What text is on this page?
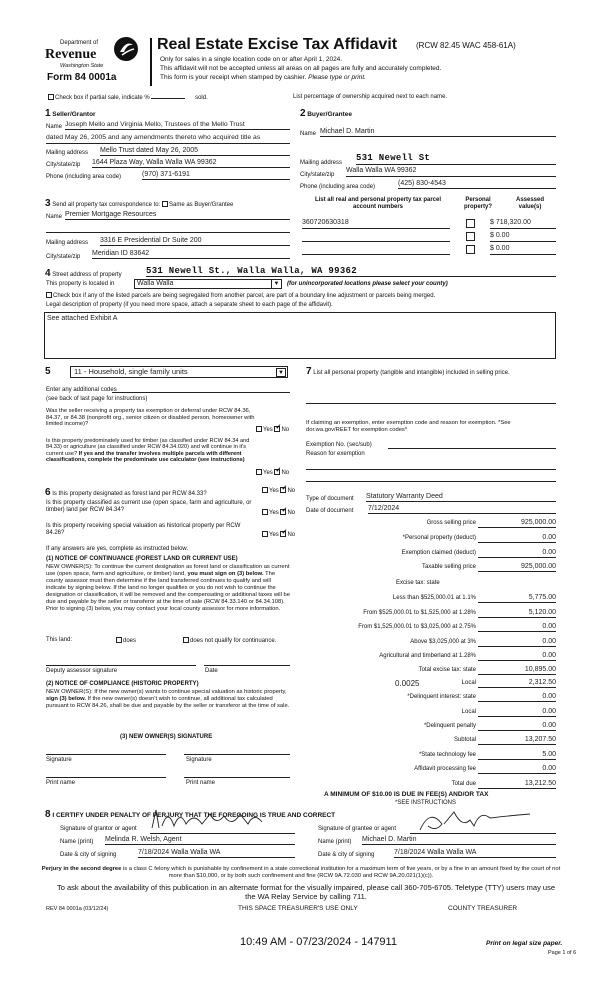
Department of
Revenue
Washington State
Form 84 0001a
Real Estate Excise Tax Affidavit (RCW 82.45 WAC 458-61A)
Only for sales in a single location code on or after April 1, 2024.
This affidavit will not be accepted unless all areas on all pages are fully and accurately completed.
This form is your receipt when stamped by cashier. Please type or print.
Check box if partial sale, indicate %	sold.	List percentage of ownership acquired next to each name.
1 Seller/Grantor
Name Joseph Mello and Virginia Mello, Trustees of the Mello Trust
dated May 26, 2005 and any amendments thereto who acquired title as
Mailing address Mello Trust dated May 26, 2005
City/state/zip 1644 Plaza Way, Walla Walla WA 99362
Phone (including area code)	(970) 371-6191
2 Buyer/Grantee
Name Michael D. Martin
Mailing address 531 Newell St
City/state/zip
Walla Walla WA 99362
Phone (including area code)	(425) 830-4543
3 Send all property tax correspondence to: Same as Buyer/Grantee
Name Premier Mortgage Resources
Mailing address 3316 E Presidential Dr Suite 200
City/state/zip Meridian ID 83642
List all real and personal property tax parcel account numbers
Personal property?
Assessed value(s)
360720630318	$ 718,320.00
$ 0.00
$ 0.00
4 Street address of property	531 Newell St., Walla Walla, WA 99362
This property is located in	Walla Walla	▼ (for unincorporated locations please select your county)
Check box if any of the listed parcels are being segregated from another parcel, are part of a boundary line adjustment or parcels being merged.
Legal description of property (if you need more space, attach a separate sheet to each page of the affidavit).
See attached Exhibit A
5	11 - Household, single family units	▼
Enter any additional codes
(see back of last page for instructions)
Was the seller receiving a property tax exemption or deferral under RCW 84.36, 84.37, or 84.38 (nonprofit org., senior citizen or disabled person, homeowner with limited income)?
Yes ✓ No
Is this property predominately used for timber (as classified under RCW 84.34 and 84.33) or agriculture (as classified under RCW 84.34.020) and will continue in it's current use? If yes and the transfer involves multiple parcels with different classifications, complete the predominate use calculator (see instructions)
Yes ✓ No
6 Is this property designated as forest land per RCW 84.33?	Yes ✓ No
Is this property classified as current use (open space, farm and agriculture, or timber) land per RCW 84.34?
Yes ✓ No
Is this property receiving special valuation as historical property per RCW 84.26?	Yes ✓ No
If any answers are yes, complete as instructed below.
(1) NOTICE OF CONTINUANCE (FOREST LAND OR CURRENT USE)
NEW OWNER(S): To continue the current designation as forest land or classification as current use (open space, farm and agriculture, or timber) land, you must sign on (3) below. The county assessor must then determine if the land transferred continues to qualify and will indicate by signing below. If the land no longer qualifies or you do not wish to continue the designation or classification, it will be removed and the compensating or additional taxes will be due and payable by the seller or transferor at the time of sale (RCW 84.33.140 or 84.34.108). Prior to signing (3) below, you may contact your local county assessor for more information.
This land:	does	does not qualify for continuance.
Deputy assessor signature	Date
(2) NOTICE OF COMPLIANCE (HISTORIC PROPERTY)
NEW OWNER(S): If the new owner(s) wants to continue special valuation as historic property, sign (3) below. If the new owner(s) doesn't wish to continue, all additional tax calculated pursuant to RCW 84.26, shall be due and payable by the seller or transferor at the time of sale.
(3) NEW OWNER(S) SIGNATURE
Signature	Signature
Print name	Print name
7 List all personal property (tangible and intangible) included in selling price.
If claiming an exemption, enter exemption code and reason for exemption. *See dor.wa.gov/REET for exemption codes*
Exemption No. (sec/sub)
Reason for exemption
Type of document Statutory Warranty Deed
Date of document 7/12/2024
Gross selling price	925,000.00
*Personal property (deduct)	0.00
Exemption claimed (deduct)	0.00
Taxable selling price	925,000.00
Excise tax: state
Less than $525,000.01 at 1.1%	5,775.00
From $525,000.01 to $1,525,000 at 1.28%	5,120.00
From $1,525,000.01 to $3,025,000 at 2.75%	0.00
Above $3,025,000 at 3%	0.00
Agricultural and timberland at 1.28%	0.00
Total excise tax: state	10,895.00
0.0025	Local	2,312.50
*Delinquent interest: state	0.00
Local	0.00
*Delinquent penalty	0.00
Subtotal	13,207.50
*State technology fee	5.00
Affidavit processing fee	0.00
Total due	13,212.50
A MINIMUM OF $10.00 IS DUE IN FEE(S) AND/OR TAX
*SEE INSTRUCTIONS
8 I CERTIFY UNDER PENALTY OF PERJURY THAT THE FOREGOING IS TRUE AND CORRECT
Signature of grantor or agent
Name (print) Melinda R. Welsh, Agent
Date & city of signing	7/18/2024 Walla Walla WA
Signature of grantee or agent
Name (print) Michael D. Martin
Date & city of signing	7/18/2024 Walla Walla WA
Perjury in the second degree is a class C felony which is punishable by confinement in a state correctional institution for a maximum term of five years, or by a fine in an amount fixed by the court of not more than $10,000, or by both such confinement and fine (RCW 9A.72.030 and RCW 9A.20.021(1)(c)).
To ask about the availability of this publication in an alternate format for the visually impaired, please call 360-705-6705. Teletype (TTY) users may use the WA Relay Service by calling 711.
REV 84 0001a (03/12/24)	THIS SPACE TREASURER'S USE ONLY	COUNTY TREASURER
10:49 AM - 07/23/2024 - 147911	Print on legal size paper.
Page 1 of 6
